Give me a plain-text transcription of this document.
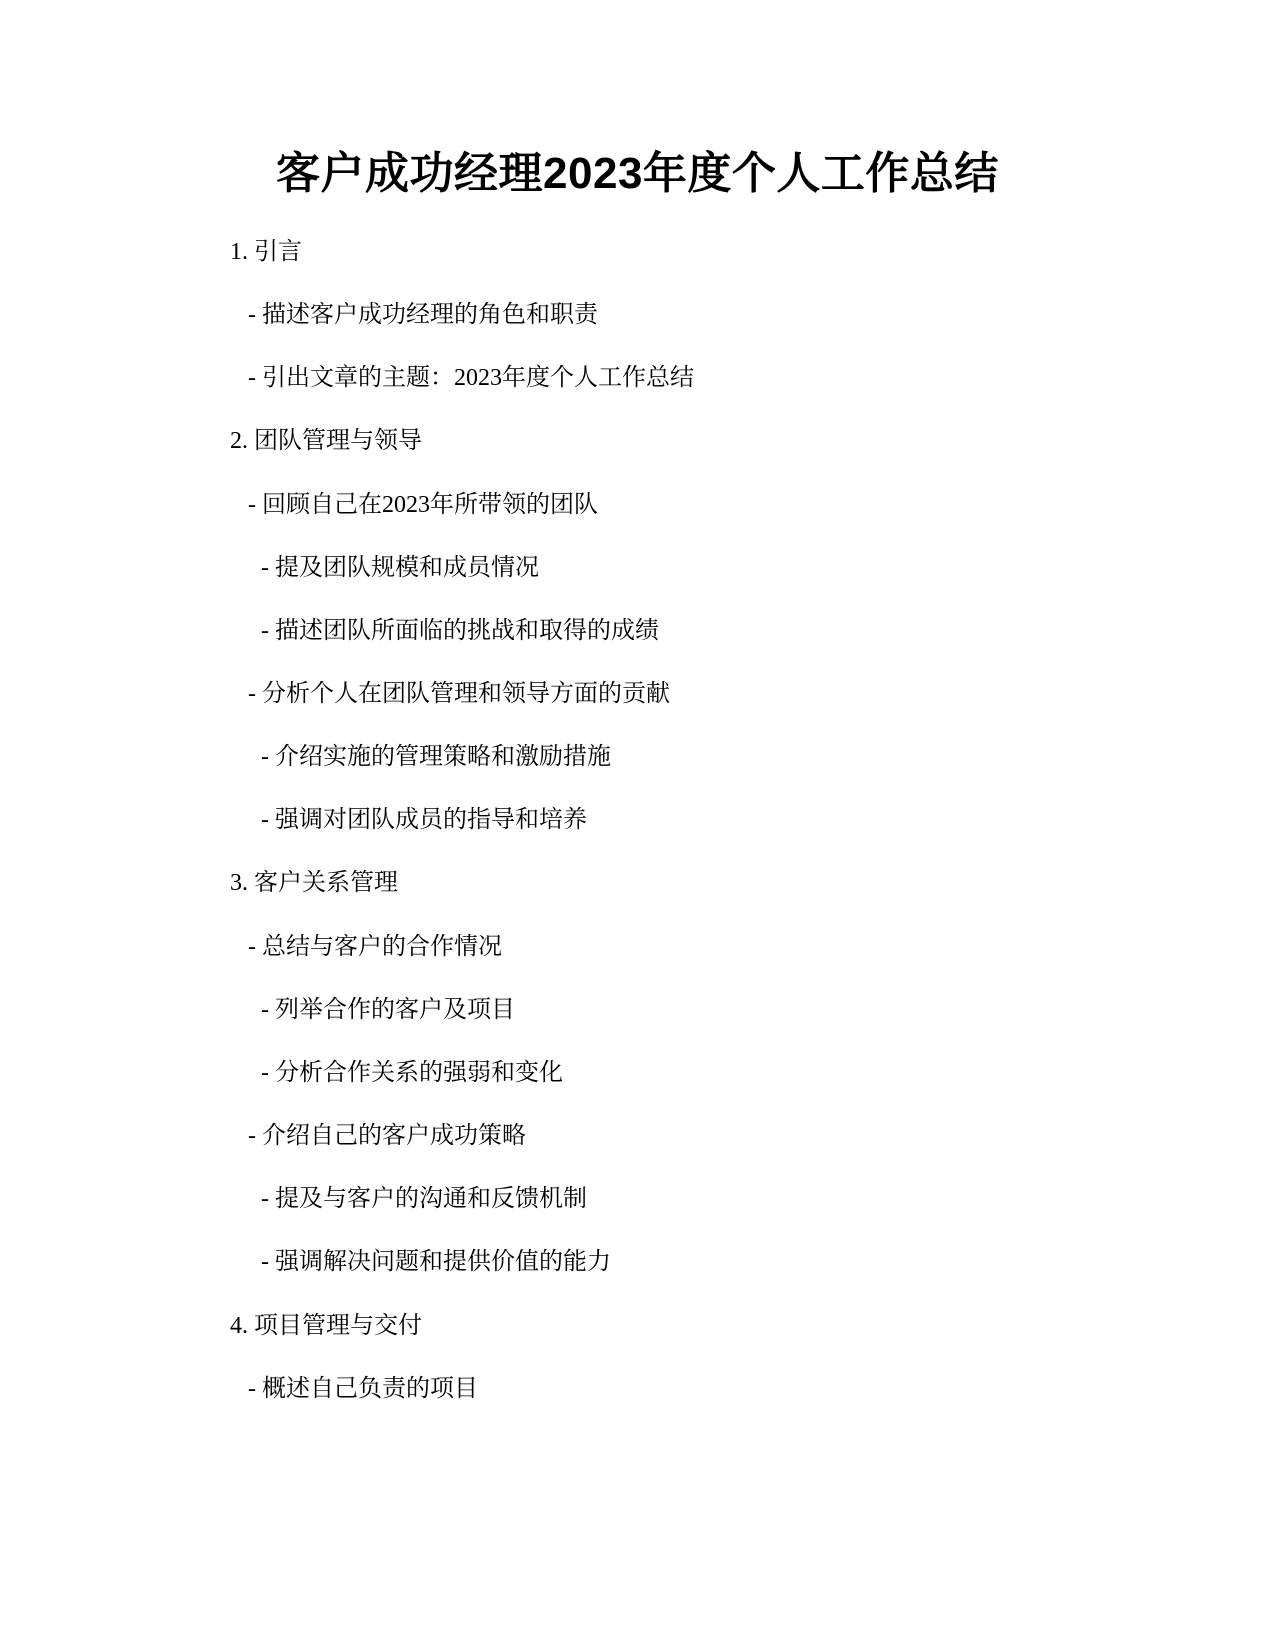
客户成功经理2023年度个人工作总结

1. 引言

- 描述客户成功经理的角色和职责

- 引出文章的主题：2023年度个人工作总结

2. 团队管理与领导

- 回顾自己在2023年所带领的团队

- 提及团队规模和成员情况

- 描述团队所面临的挑战和取得的成绩

- 分析个人在团队管理和领导方面的贡献

- 介绍实施的管理策略和激励措施

- 强调对团队成员的指导和培养

3. 客户关系管理

- 总结与客户的合作情况

- 列举合作的客户及项目

- 分析合作关系的强弱和变化

- 介绍自己的客户成功策略

- 提及与客户的沟通和反馈机制

- 强调解决问题和提供价值的能力

4. 项目管理与交付

- 概述自己负责的项目
